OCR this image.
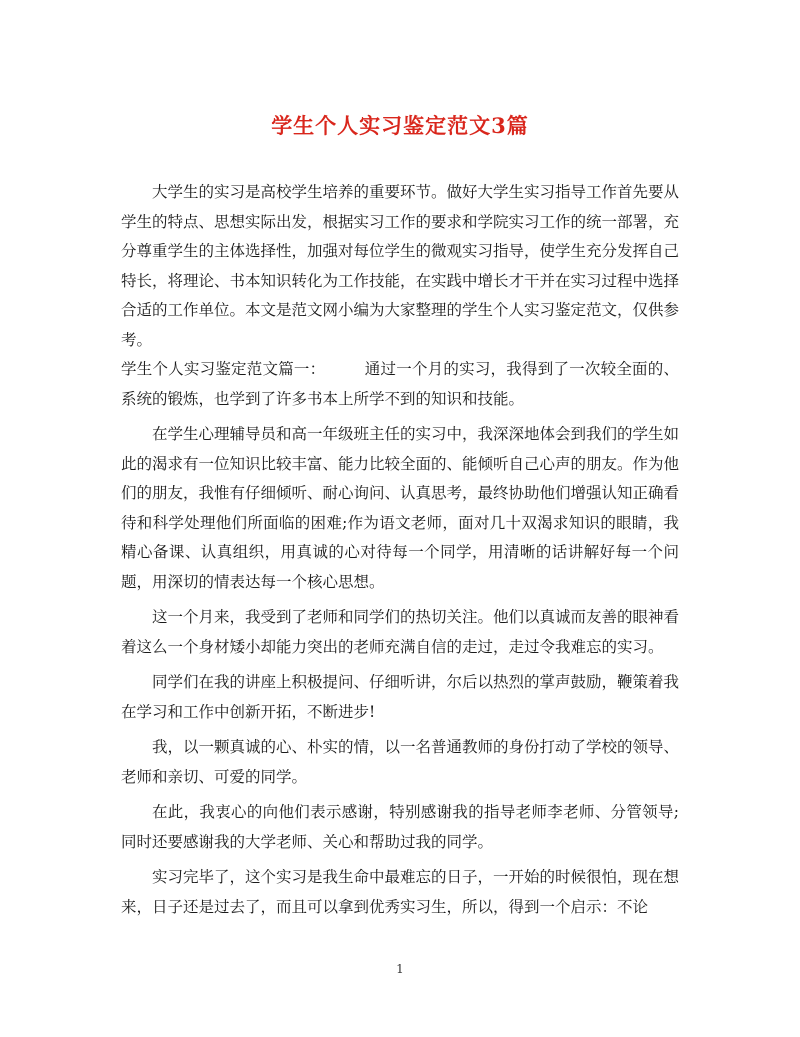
学生个人实习鉴定范文3篇

大学生的实习是高校学生培养的重要环节。做好大学生实习指导工作首先要从学生的特点、思想实际出发，根据实习工作的要求和学院实习工作的统一部署，充分尊重学生的主体选择性，加强对每位学生的微观实习指导，使学生充分发挥自己特长，将理论、书本知识转化为工作技能，在实践中增长才干并在实习过程中选择合适的工作单位。本文是范文网小编为大家整理的学生个人实习鉴定范文，仅供参考。

学生个人实习鉴定范文篇一：　　　	通过一个月的实习，我得到了一次较全面的、系统的锻炼，也学到了许多书本上所学不到的知识和技能。

在学生心理辅导员和高一年级班主任的实习中，我深深地体会到我们的学生如此的渴求有一位知识比较丰富、能力比较全面的、能倾听自己心声的朋友。作为他们的朋友，我惟有仔细倾听、耐心询问、认真思考，最终协助他们增强认知正确看待和科学处理他们所面临的困难;作为语文老师，面对几十双渴求知识的眼睛，我精心备课、认真组织，用真诚的心对待每一个同学，用清晰的话讲解好每一个问题，用深切的情表达每一个核心思想。

这一个月来，我受到了老师和同学们的热切关注。他们以真诚而友善的眼神看着这么一个身材矮小却能力突出的老师充满自信的走过，走过令我难忘的实习。

同学们在我的讲座上积极提问、仔细听讲，尔后以热烈的掌声鼓励，鞭策着我在学习和工作中创新开拓，不断进步!

我，以一颗真诚的心、朴实的情，以一名普通教师的身份打动了学校的领导、老师和亲切、可爱的同学。

在此，我衷心的向他们表示感谢，特别感谢我的指导老师李老师、分管领导;同时还要感谢我的大学老师、关心和帮助过我的同学。

实习完毕了，这个实习是我生命中最难忘的日子，一开始的时候很怕，现在想来，日子还是过去了，而且可以拿到优秀实习生，所以，得到一个启示：不论

1
